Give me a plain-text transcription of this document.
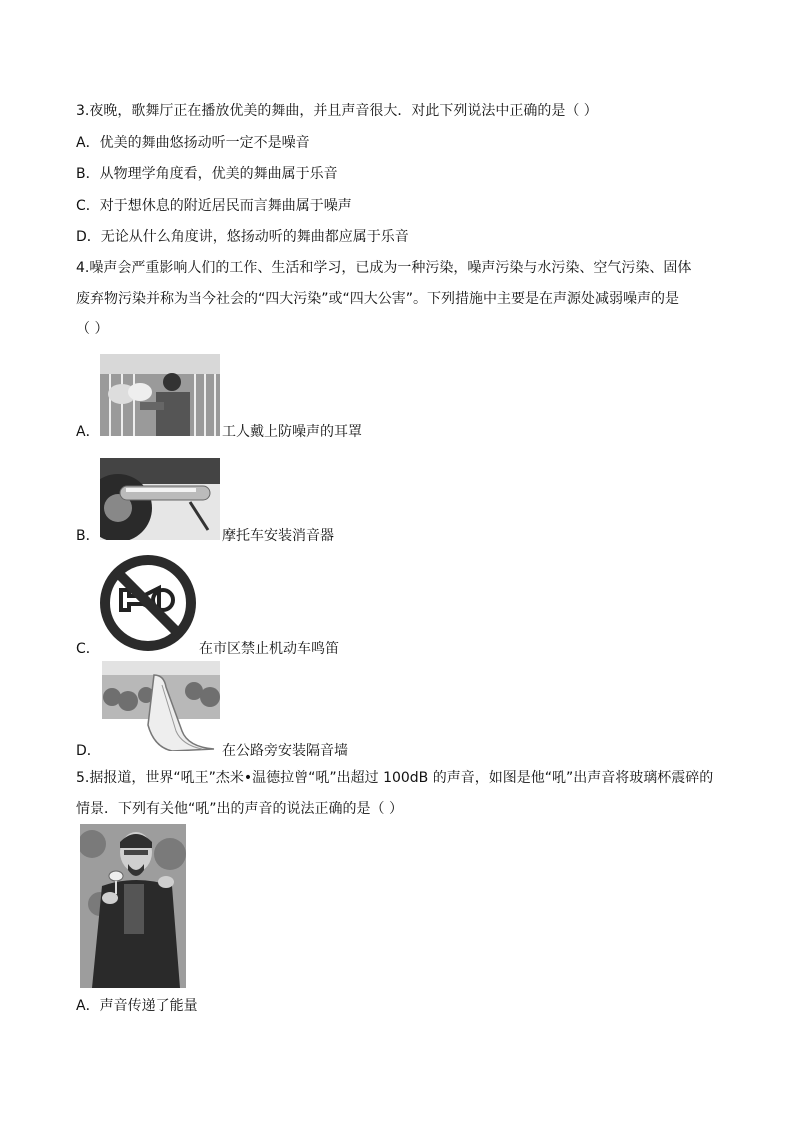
3.夜晚，歌舞厅正在播放优美的舞曲，并且声音很大．对此下列说法中正确的是（ ）
A．优美的舞曲悠扬动听一定不是噪音
B．从物理学角度看，优美的舞曲属于乐音
C．对于想休息的附近居民而言舞曲属于噪声
D．无论从什么角度讲，悠扬动听的舞曲都应属于乐音
4.噪声会严重影响人们的工作、生活和学习，已成为一种污染，噪声污染与水污染、空气污染、固体
废弃物污染并称为当今社会的“四大污染”或“四大公害”。下列措施中主要是在声源处减弱噪声的是
（ ）
A．	工人戴上防噪声的耳罩
B．	摩托车安装消音器
C．	在市区禁止机动车鸣笛
D．	在公路旁安装隔音墙
5.据报道，世界“吼王”杰米•温德拉曾“吼”出超过 100dB 的声音，如图是他“吼”出声音将玻璃杯震碎的
情景．下列有关他“吼”出的声音的说法正确的是（ ）
A．声音传递了能量
